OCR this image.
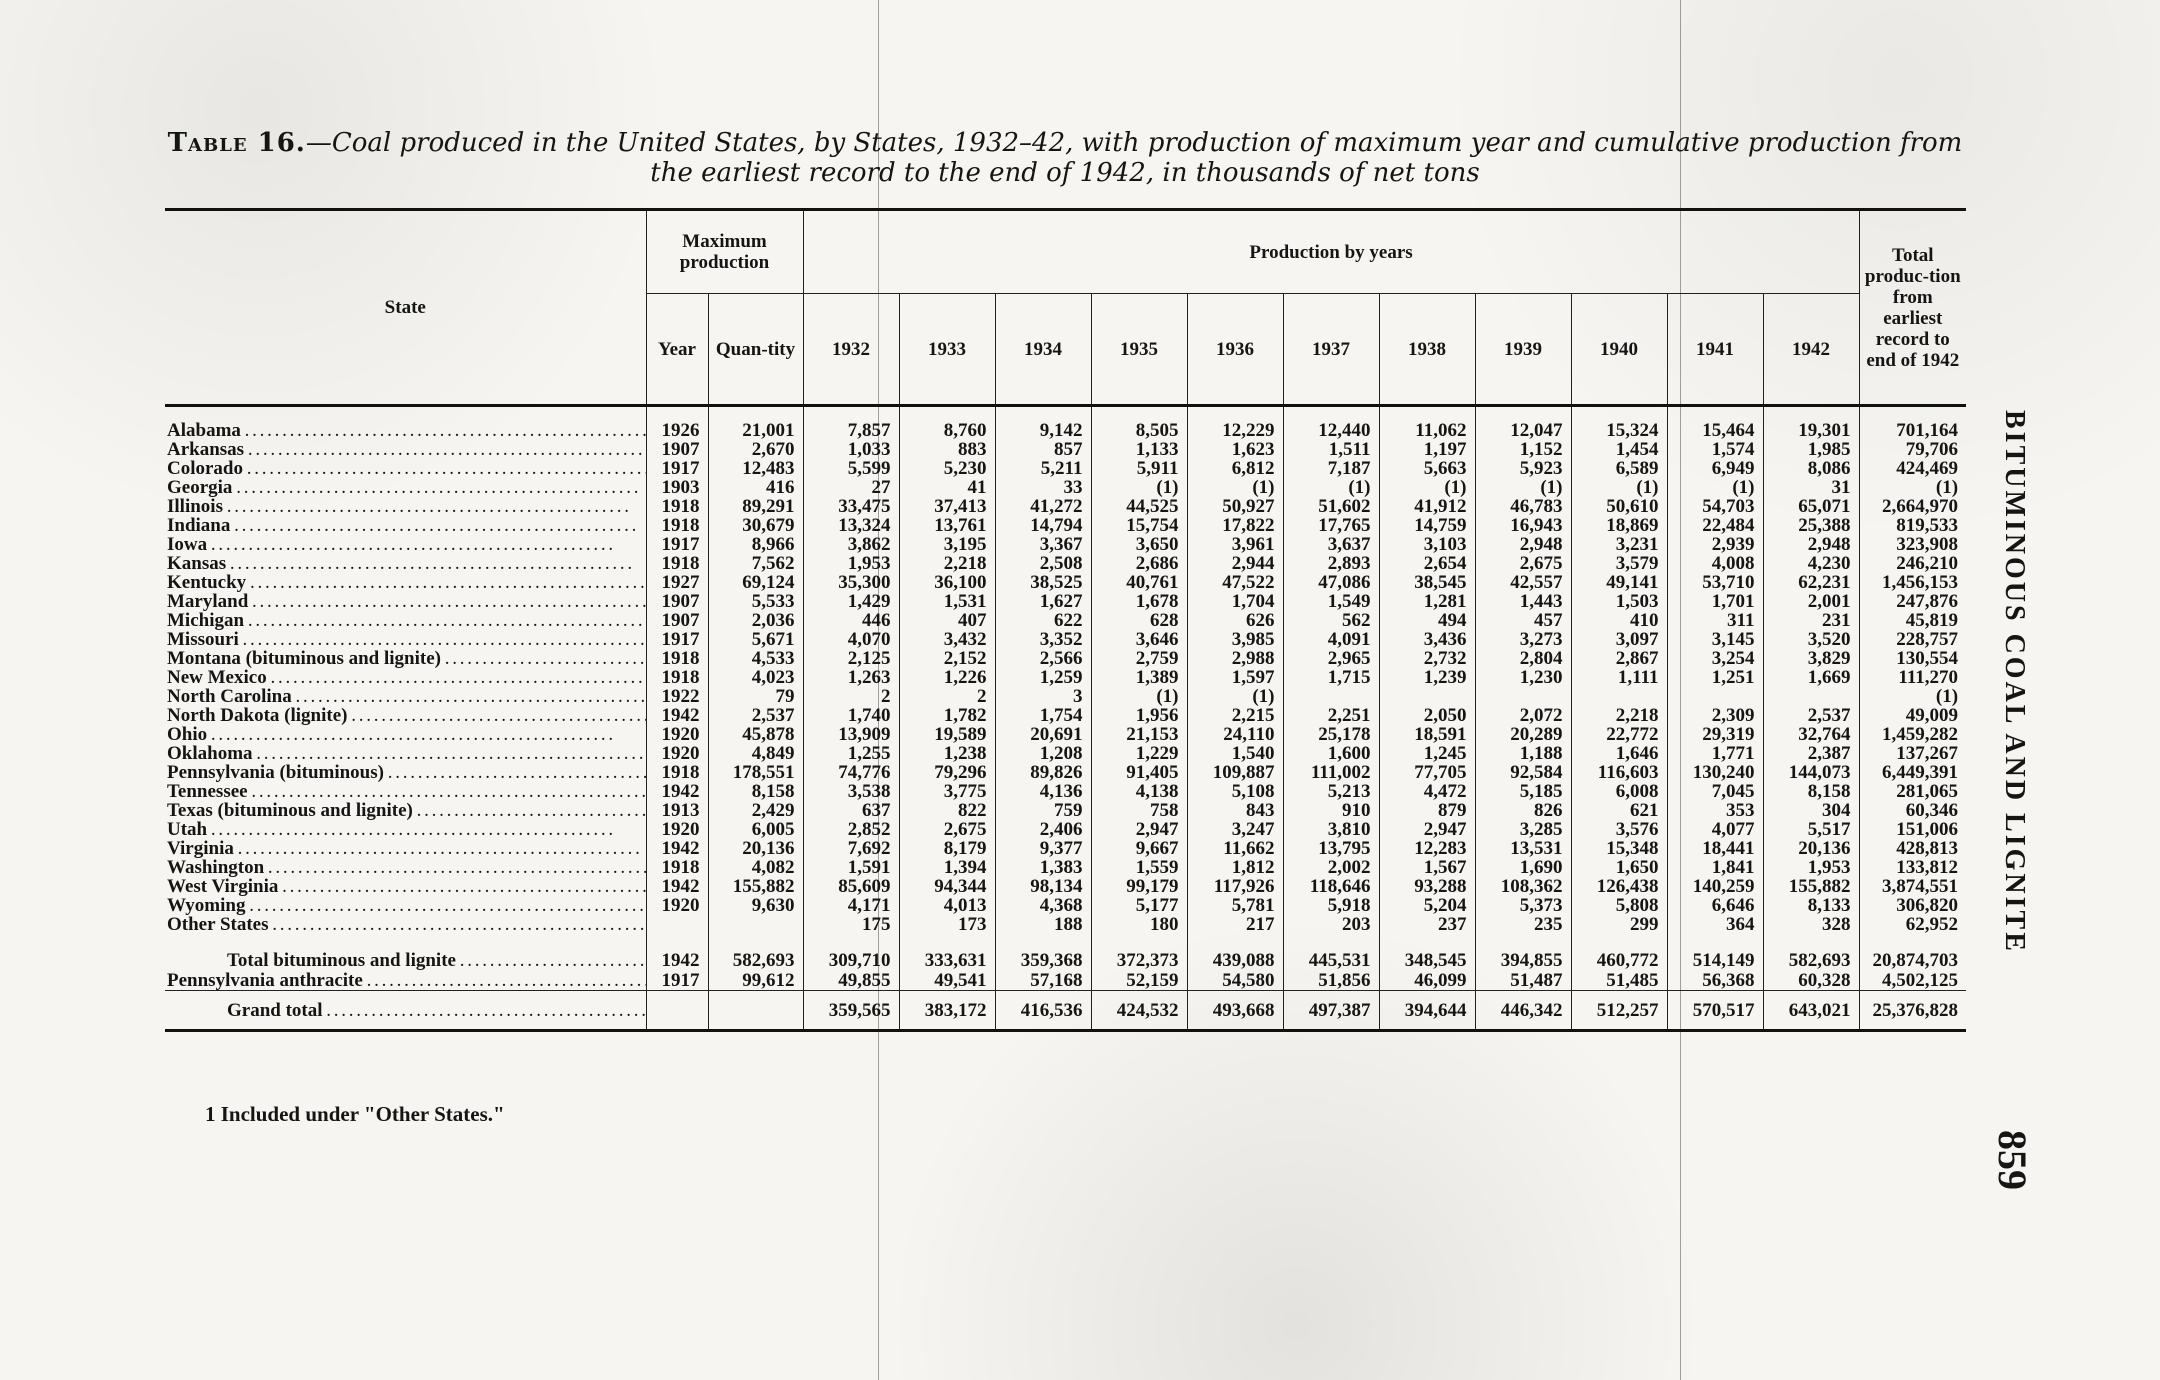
Table 16.—Coal produced in the United States, by States, 1932–42, with production of maximum year and cumulative production from the earliest record to the end of 1942, in thousands of net tons
State	Maximum production		Production by years											Total produc-tion from earliest record to end of 1942
	Year	Quan-tity	1932	1933	1934	1935	1936	1937	1938	1939	1940	1941	1942	
Alabama . . .	1926	21,001	7,857	8,760	9,142	8,505	12,229	12,440	11,062	12,047	15,324	15,464	19,301	701,164
Arkansas . . .	1907	2,670	1,033	883	857	1,133	1,623	1,511	1,197	1,152	1,454	1,574	1,985	79,706
Colorado . . .	1917	12,483	5,599	5,230	5,211	5,911	6,812	7,187	5,663	5,923	6,589	6,949	8,086	424,469
Georgia . . .	1903	416	27	41	33	(1)	(1)	(1)	(1)	(1)	(1)	(1)	31	(1)
Illinois . . .	1918	89,291	33,475	37,413	41,272	44,525	50,927	51,602	41,912	46,783	50,610	54,703	65,071	2,664,970
Indiana . . .	1918	30,679	13,324	13,761	14,794	15,754	17,822	17,765	14,759	16,943	18,869	22,484	25,388	819,533
Iowa . . .	1917	8,966	3,862	3,195	3,367	3,650	3,961	3,637	3,103	2,948	3,231	2,939	2,948	323,908
Kansas . . .	1918	7,562	1,953	2,218	2,508	2,686	2,944	2,893	2,654	2,675	3,579	4,008	4,230	246,210
Kentucky . . .	1927	69,124	35,300	36,100	38,525	40,761	47,522	47,086	38,545	42,557	49,141	53,710	62,231	1,456,153
Maryland . . .	1907	5,533	1,429	1,531	1,627	1,678	1,704	1,549	1,281	1,443	1,503	1,701	2,001	247,876
Michigan . . .	1907	2,036	446	407	622	628	626	562	494	457	410	311	231	45,819
Missouri . . .	1917	5,671	4,070	3,432	3,352	3,646	3,985	4,091	3,436	3,273	3,097	3,145	3,520	228,757
Montana (bituminous and lignite) . . .	1918	4,533	2,125	2,152	2,566	2,759	2,988	2,965	2,732	2,804	2,867	3,254	3,829	130,554
New Mexico . . .	1918	4,023	1,263	1,226	1,259	1,389	1,597	1,715	1,239	1,230	1,111	1,251	1,669	111,270
North Carolina . . .	1922	79	2	2	3	(1)	(1)							(1)
North Dakota (lignite) . . .	1942	2,537	1,740	1,782	1,754	1,956	2,215	2,251	2,050	2,072	2,218	2,309	2,537	49,009
Ohio . . .	1920	45,878	13,909	19,589	20,691	21,153	24,110	25,178	18,591	20,289	22,772	29,319	32,764	1,459,282
Oklahoma . . .	1920	4,849	1,255	1,238	1,208	1,229	1,540	1,600	1,245	1,188	1,646	1,771	2,387	137,267
Pennsylvania (bituminous) . . .	1918	178,551	74,776	79,296	89,826	91,405	109,887	111,002	77,705	92,584	116,603	130,240	144,073	6,449,391
Tennessee . . .	1942	8,158	3,538	3,775	4,136	4,138	5,108	5,213	4,472	5,185	6,008	7,045	8,158	281,065
Texas (bituminous and lignite) . . .	1913	2,429	637	822	759	758	843	910	879	826	621	353	304	60,346
Utah . . .	1920	6,005	2,852	2,675	2,406	2,947	3,247	3,810	2,947	3,285	3,576	4,077	5,517	151,006
Virginia . . .	1942	20,136	7,692	8,179	9,377	9,667	11,662	13,795	12,283	13,531	15,348	18,441	20,136	428,813
Washington . . .	1918	4,082	1,591	1,394	1,383	1,559	1,812	2,002	1,567	1,690	1,650	1,841	1,953	133,812
West Virginia . . .	1942	155,882	85,609	94,344	98,134	99,179	117,926	118,646	93,288	108,362	126,438	140,259	155,882	3,874,551
Wyoming . . .	1920	9,630	4,171	4,013	4,368	5,177	5,781	5,918	5,204	5,373	5,808	6,646	8,133	306,820
Other States . . .			175	173	188	180	217	203	237	235	299	364	328	62,952

Total bituminous and lignite . . .	1942	582,693	309,710	333,631	359,368	372,373	439,088	445,531	348,545	394,855	460,772	514,149	582,693	20,874,703
Pennsylvania anthracite . . .	1917	99,612	49,855	49,541	57,168	52,159	54,580	51,856	46,099	51,487	51,485	56,368	60,328	4,502,125
Grand total . . .			359,565	383,172	416,536	424,532	493,668	497,387	394,644	446,342	512,257	570,517	643,021	25,376,828
1 Included under "Other States."
BITUMINOUS COAL AND LIGNITE
859
